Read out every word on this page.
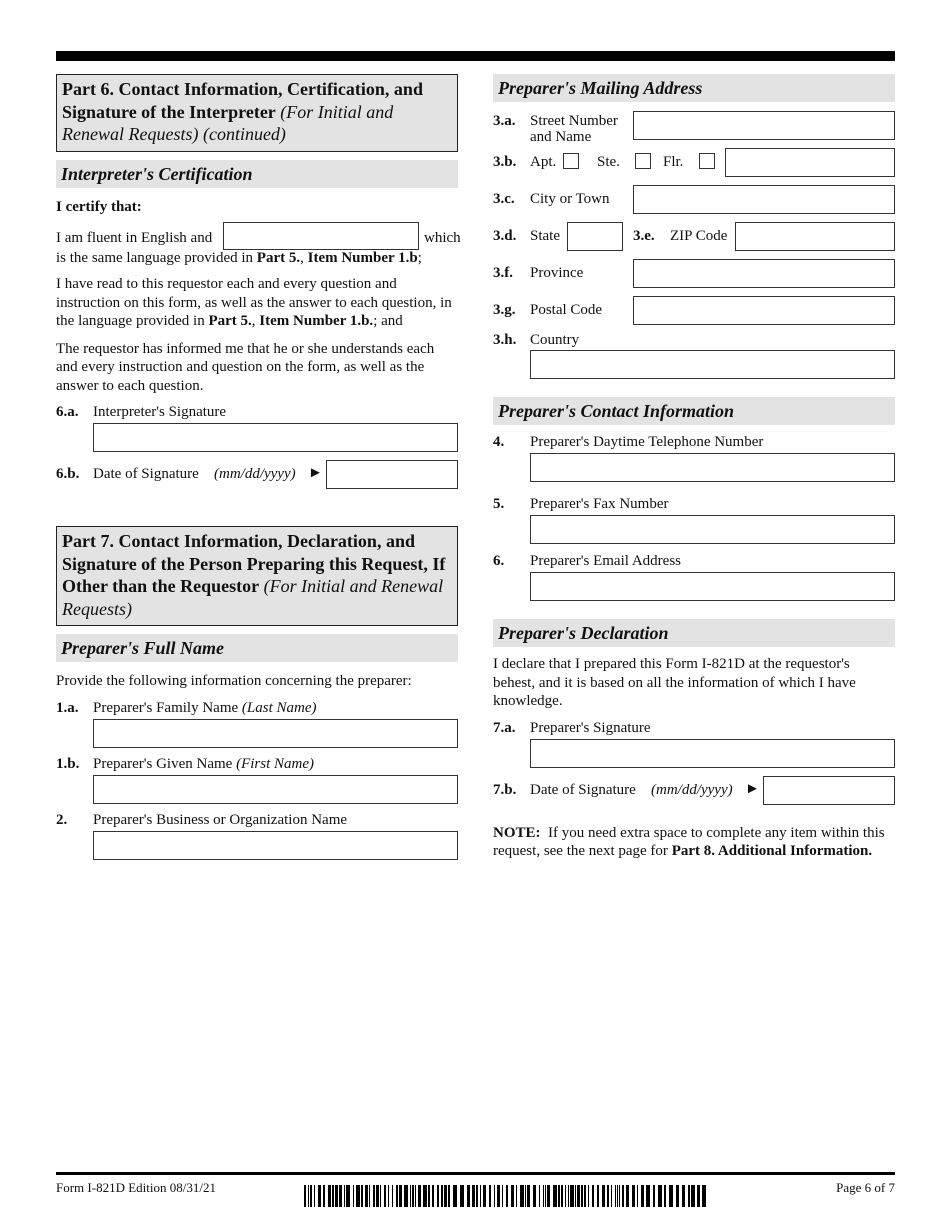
Part 6. Contact Information, Certification, and Signature of the Interpreter (For Initial and Renewal Requests) (continued)
Interpreter's Certification

I certify that:

I am fluent in English and	which

is the same language provided in Part 5., Item Number 1.b;

I have read to this requestor each and every question and instruction on this form, as well as the answer to each question, in the language provided in Part 5., Item Number 1.b.; and

The requestor has informed me that he or she understands each and every instruction and question on the form, as well as the answer to each question.

6.a. Interpreter's Signature
6.b. Date of Signature (mm/dd/yyyy) ►
Part 7. Contact Information, Declaration, and Signature of the Person Preparing this Request, If Other than the Requestor (For Initial and Renewal Requests)
Preparer's Full Name

Provide the following information concerning the preparer:

1.a. Preparer's Family Name
(Last Name)
1.b. Preparer's Given Name
(First Name)
2.	Preparer's Business or Organization Name
Preparer's Mailing Address
3.a. Street Number and Name
3.b. Apt.	Ste.	Flr.
3.c.	City or Town
3.d. State	3.e.	ZIP Code
3.f.	Province
3.g. Postal Code
3.h. Country
Preparer's Contact Information
4.	Preparer's Daytime Telephone Number
5.	Preparer's Fax Number
6.	Preparer's Email Address
Preparer's Declaration

I declare that I prepared this Form I-821D at the requestor's behest, and it is based on all the information of which I have knowledge.

7.a. Preparer's Signature
7.b. Date of Signature (mm/dd/yyyy) ►

NOTE: If you need extra space to complete any item within this request, see the next page for Part 8. Additional Information.

Form I-821D Edition 08/31/21	Page 6 of 7
